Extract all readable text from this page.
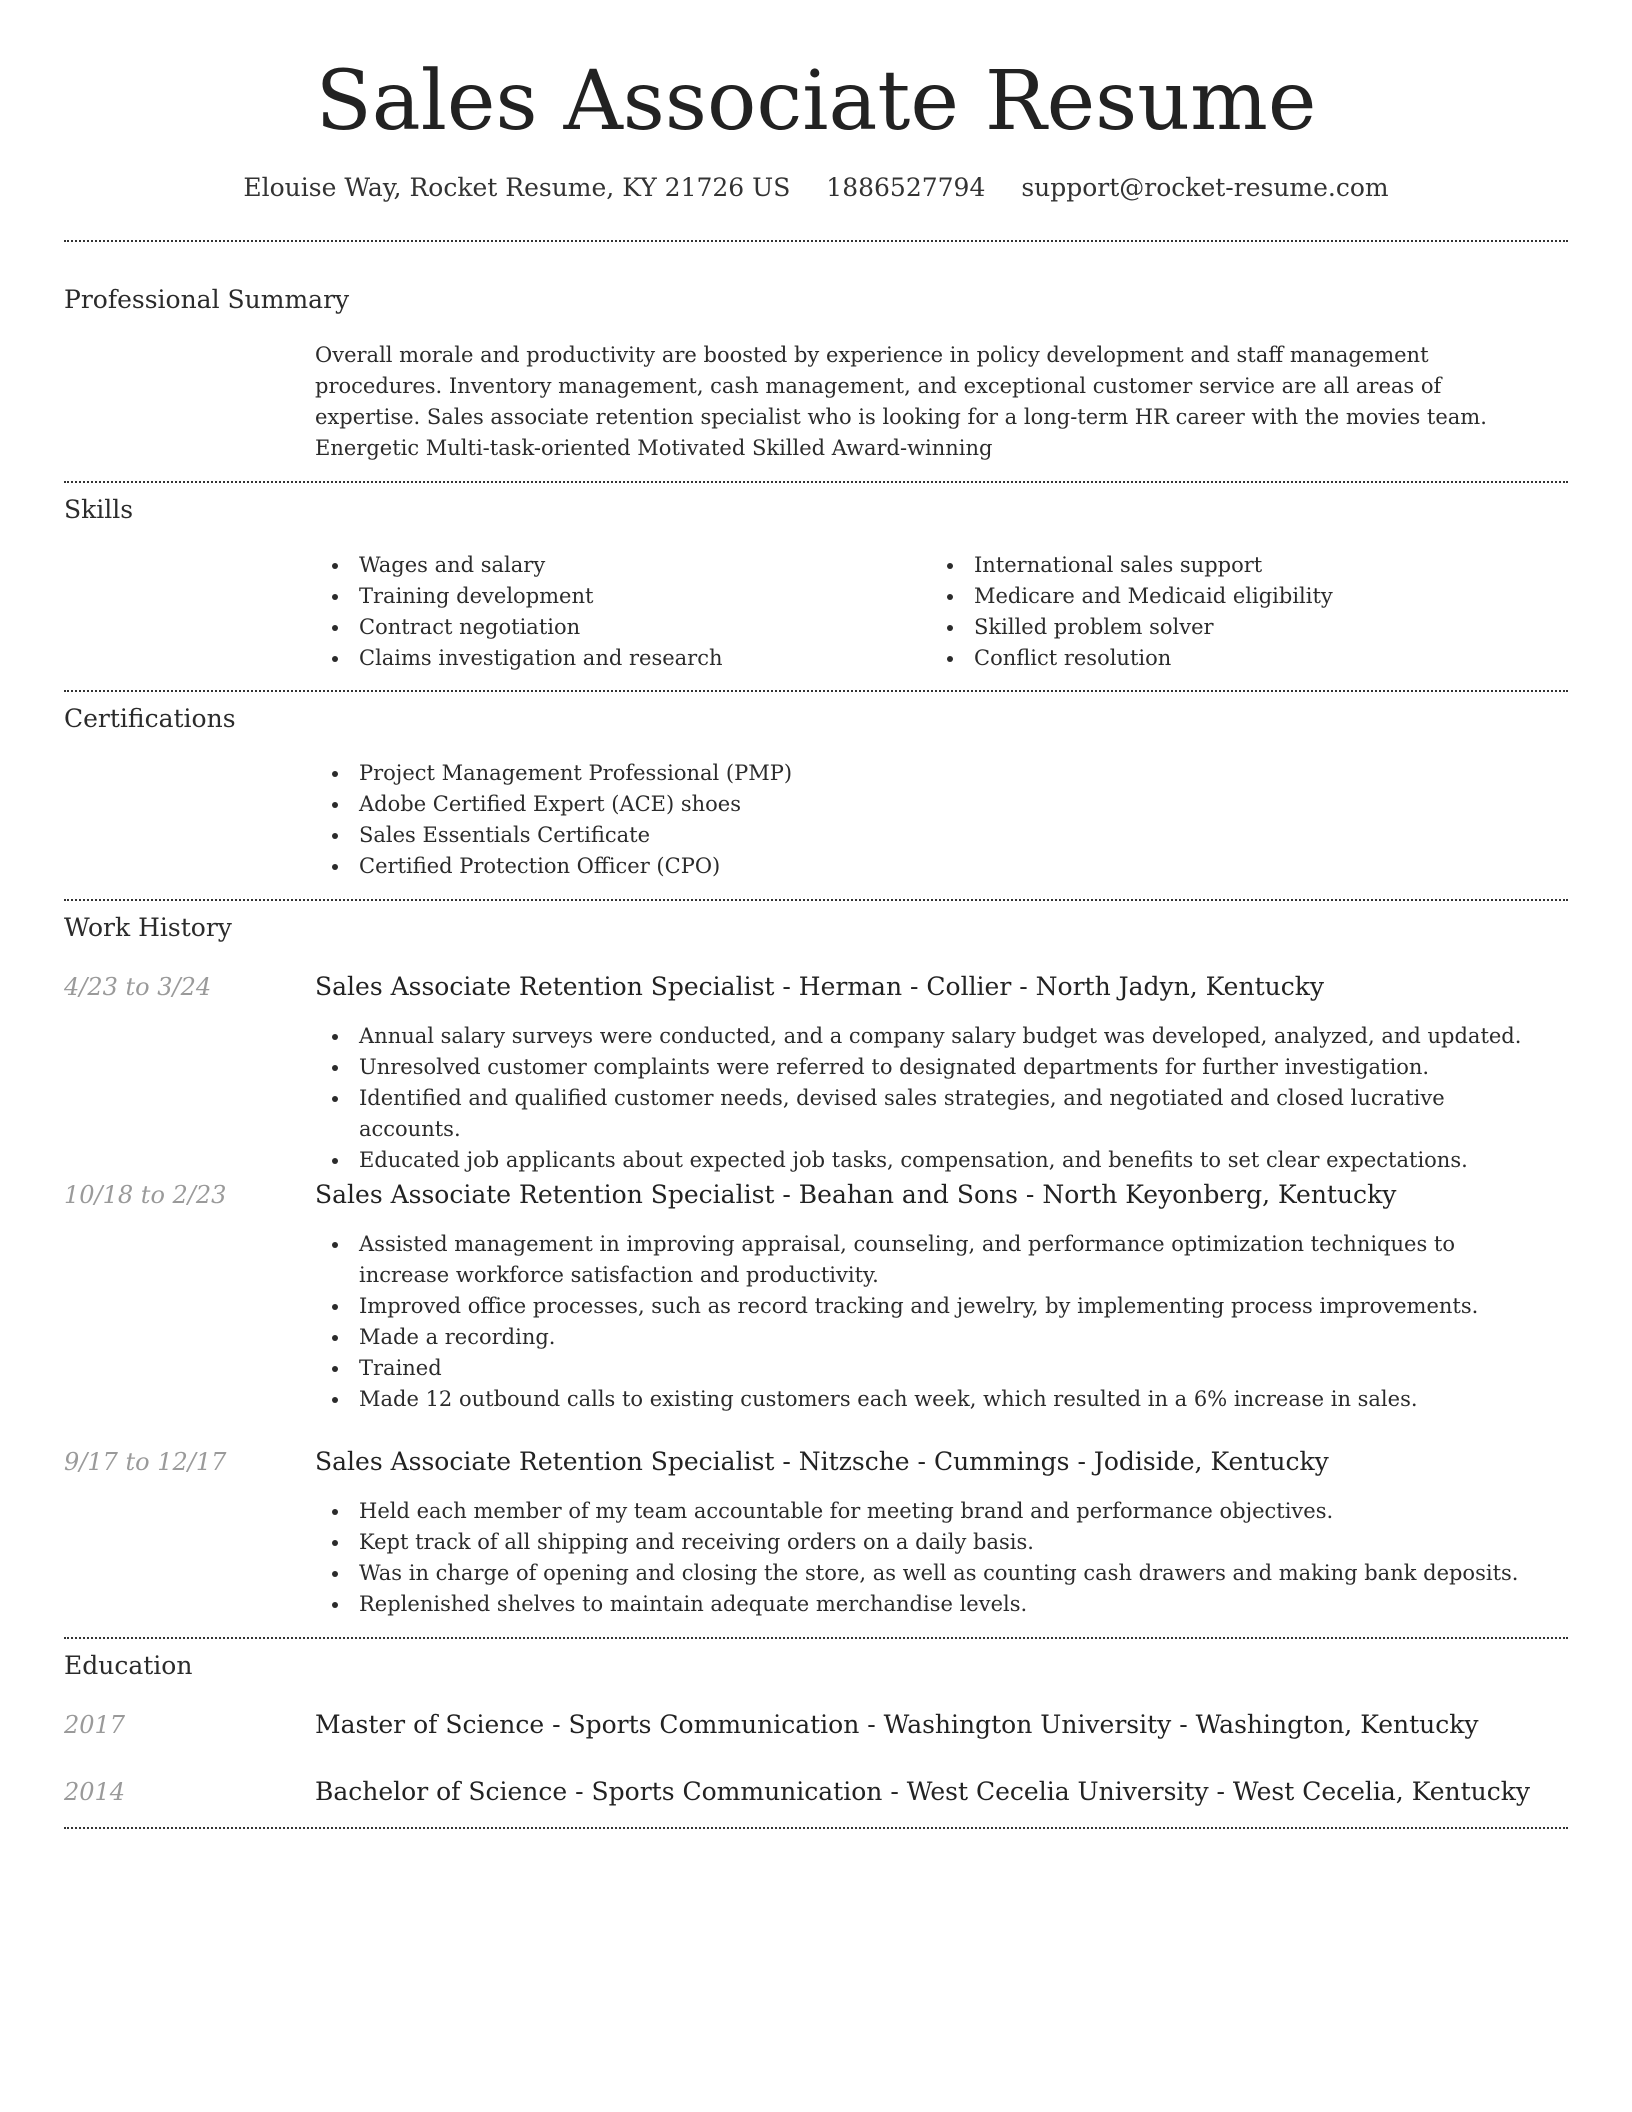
Sales Associate Resume
Elouise Way, Rocket Resume, KY 21726 US 1886527794 support@rocket-resume.com
Professional Summary
Overall morale and productivity are boosted by experience in policy development and staff management procedures. Inventory management, cash management, and exceptional customer service are all areas of expertise. Sales associate retention specialist who is looking for a long-term HR career with the movies team. Energetic Multi-task-oriented Motivated Skilled Award-winning
Skills
Wages and salary
Training development
Contract negotiation
Claims investigation and research
International sales support
Medicare and Medicaid eligibility
Skilled problem solver
Conflict resolution
Certifications
Project Management Professional (PMP)
Adobe Certified Expert (ACE) shoes
Sales Essentials Certificate
Certified Protection Officer (CPO)
Work History
4/23 to 3/24	Sales Associate Retention Specialist - Herman - Collier - North Jadyn, Kentucky
Annual salary surveys were conducted, and a company salary budget was developed, analyzed, and updated.
Unresolved customer complaints were referred to designated departments for further investigation.
Identified and qualified customer needs, devised sales strategies, and negotiated and closed lucrative accounts.
Educated job applicants about expected job tasks, compensation, and benefits to set clear expectations.
10/18 to 2/23	Sales Associate Retention Specialist - Beahan and Sons - North Keyonberg, Kentucky
Assisted management in improving appraisal, counseling, and performance optimization techniques to increase workforce satisfaction and productivity.
Improved office processes, such as record tracking and jewelry, by implementing process improvements.
Made a recording.
Trained
Made 12 outbound calls to existing customers each week, which resulted in a 6% increase in sales.
9/17 to 12/17	Sales Associate Retention Specialist - Nitzsche - Cummings - Jodiside, Kentucky
Held each member of my team accountable for meeting brand and performance objectives.
Kept track of all shipping and receiving orders on a daily basis.
Was in charge of opening and closing the store, as well as counting cash drawers and making bank deposits.
Replenished shelves to maintain adequate merchandise levels.
Education
2017	Master of Science - Sports Communication - Washington University - Washington, Kentucky
2014	Bachelor of Science - Sports Communication - West Cecelia University - West Cecelia, Kentucky
